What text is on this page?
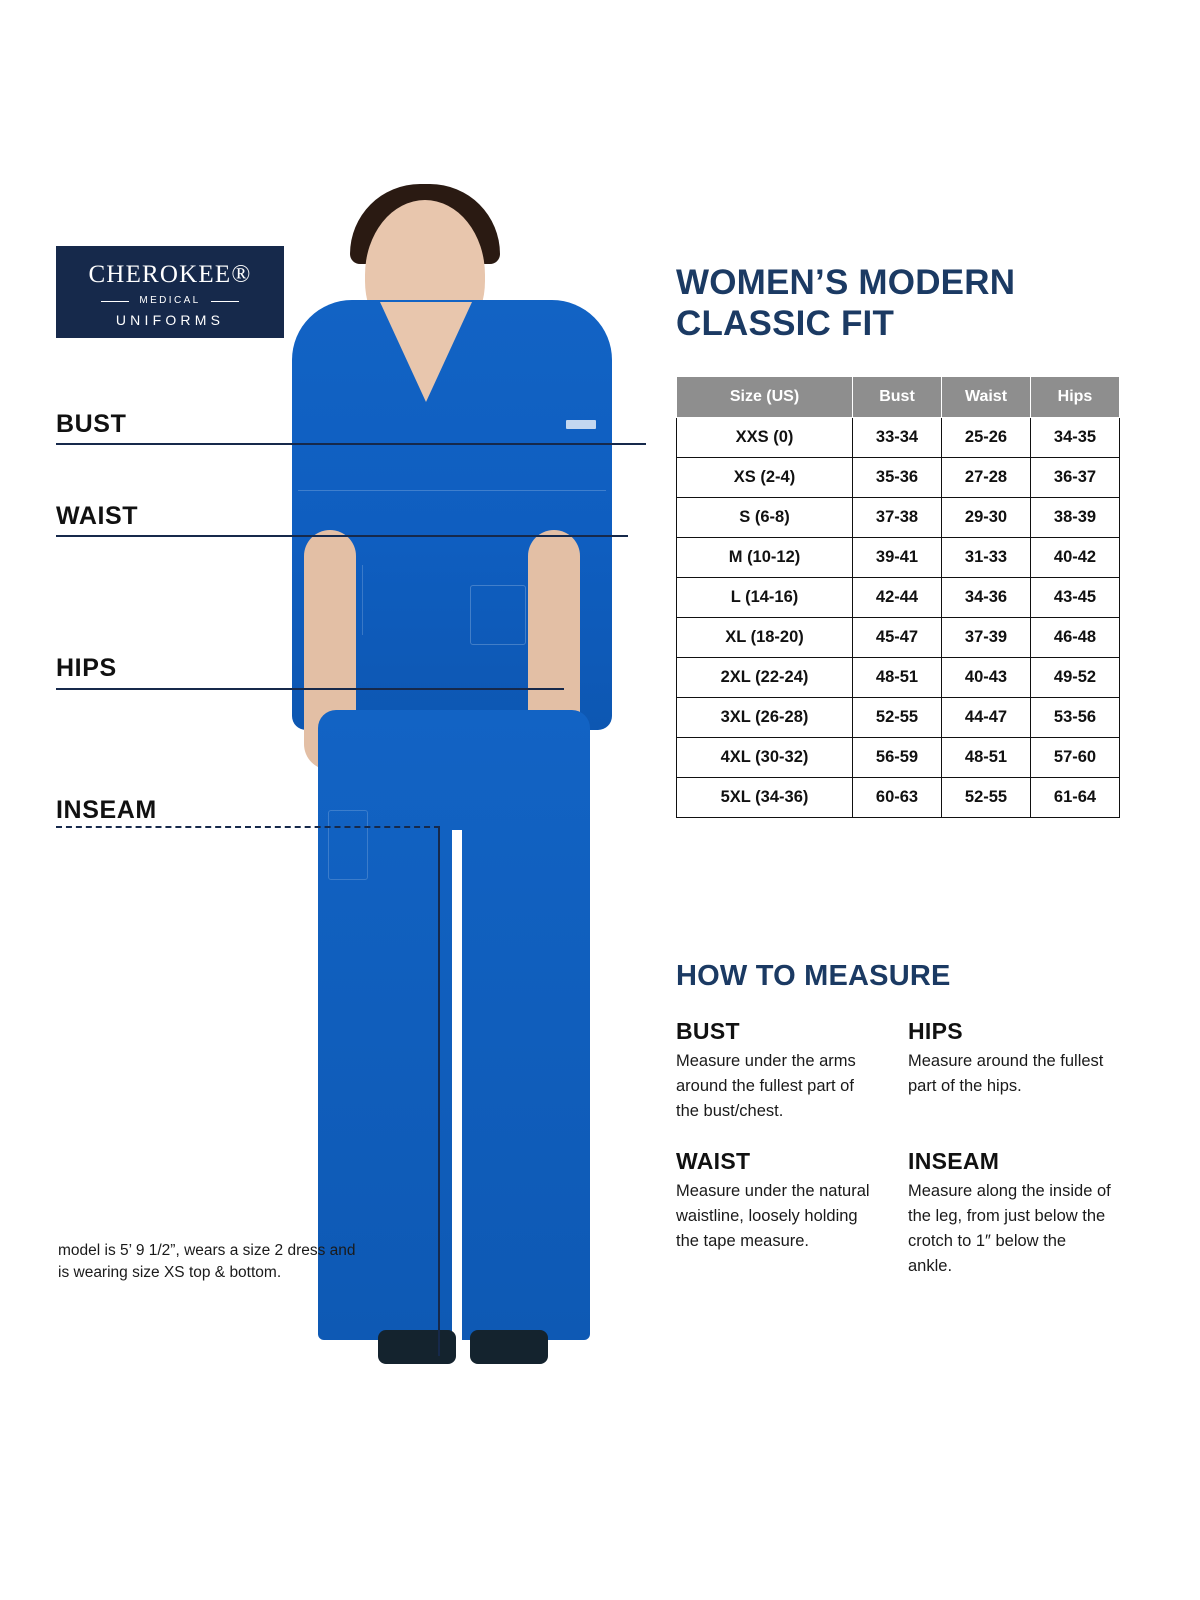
CHEROKEE®
MEDICAL
UNIFORMS
BUST
WAIST
HIPS
INSEAM
model is 5’ 9 1/2”, wears a size 2 dress and is wearing size XS top & bottom.
WOMEN’S MODERN CLASSIC FIT
Size (US)	Bust	Waist	Hips
XXS (0)	33-34	25-26	34-35
XS (2-4)	35-36	27-28	36-37
S (6-8)	37-38	29-30	38-39
M (10-12)	39-41	31-33	40-42
L (14-16)	42-44	34-36	43-45
XL (18-20)	45-47	37-39	46-48
2XL (22-24)	48-51	40-43	49-52
3XL (26-28)	52-55	44-47	53-56
4XL (30-32)	56-59	48-51	57-60
5XL (34-36)	60-63	52-55	61-64
HOW TO MEASURE
BUST

Measure under the arms around the fullest part of the bust/chest.

HIPS

Measure around the fullest part of the hips.

WAIST

Measure under the natural waistline, loosely holding the tape measure.

INSEAM

Measure along the inside of the leg, from just below the crotch to 1″ below the ankle.
